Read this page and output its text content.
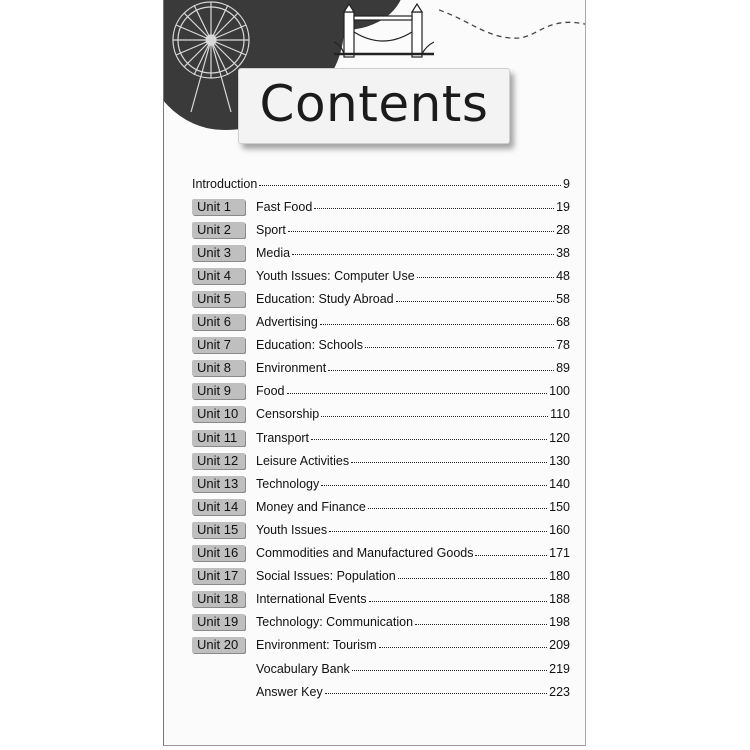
Contents
Introduction	9
Unit 1	Fast Food	19
Unit 2	Sport	28
Unit 3	Media	38
Unit 4	Youth Issues: Computer Use	48
Unit 5	Education: Study Abroad	58
Unit 6	Advertising	68
Unit 7	Education: Schools	78
Unit 8	Environment	89
Unit 9	Food	100
Unit 10	Censorship	110
Unit 11	Transport	120
Unit 12	Leisure Activities	130
Unit 13	Technology	140
Unit 14	Money and Finance	150
Unit 15	Youth Issues	160
Unit 16	Commodities and Manufactured Goods	171
Unit 17	Social Issues: Population	180
Unit 18	International Events	188
Unit 19	Technology: Communication	198
Unit 20	Environment: Tourism	209
Vocabulary Bank	219
Answer Key	223
